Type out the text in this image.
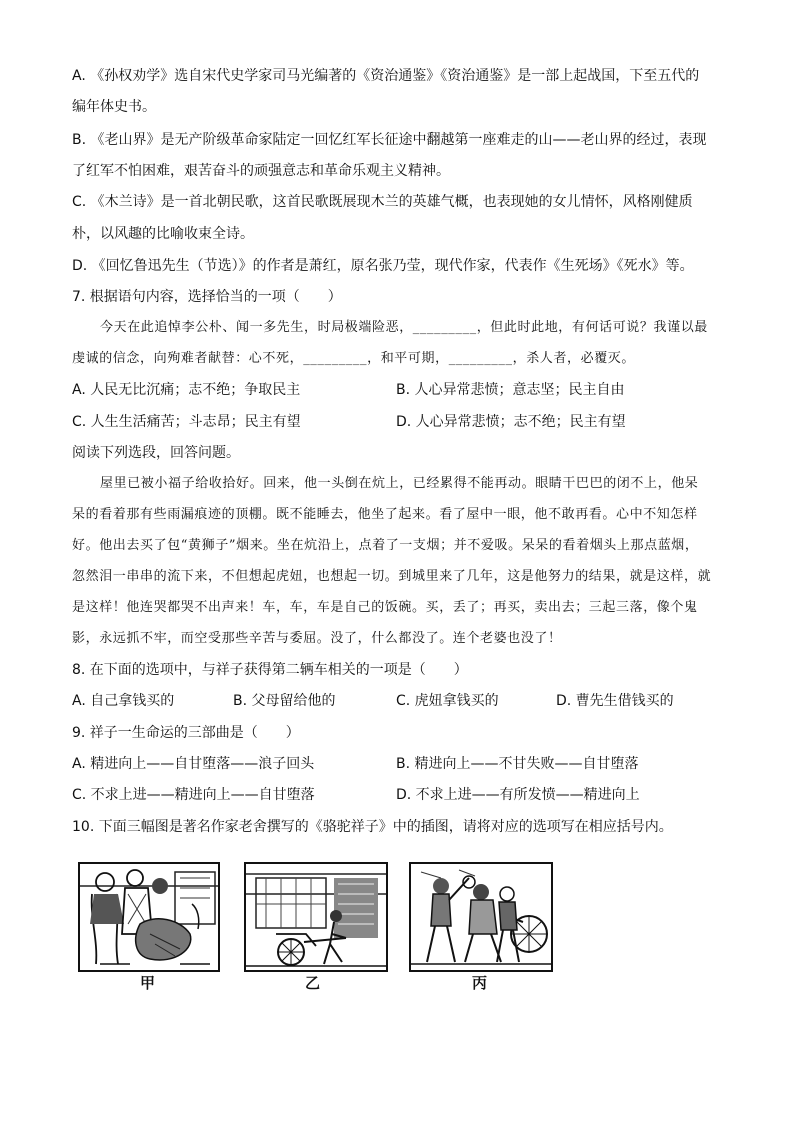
A. 《孙权劝学》选自宋代史学家司马光编著的《资治通鉴》《资治通鉴》是一部上起战国，下至五代的
编年体史书。
B. 《老山界》是无产阶级革命家陆定一回忆红军长征途中翻越第一座难走的山——老山界的经过，表现
了红军不怕困难，艰苦奋斗的顽强意志和革命乐观主义精神。
C. 《木兰诗》是一首北朝民歌，这首民歌既展现木兰的英雄气概，也表现她的女儿情怀，风格刚健质
朴，以风趣的比喻收束全诗。
D. 《回忆鲁迅先生（节选）》的作者是萧红，原名张乃莹，现代作家，代表作《生死场》《死水》等。
7. 根据语句内容，选择恰当的一项（　　）
今天在此追悼李公朴、闻一多先生，时局极端险恶，_________，但此时此地，有何话可说？我谨以最
虔诚的信念，向殉难者献替：心不死，_________，和平可期，_________，杀人者，必覆灭。
A. 人民无比沉痛；志不绝；争取民主	B. 人心异常悲愤；意志坚；民主自由
C. 人生生活痛苦；斗志昂；民主有望	D. 人心异常悲愤；志不绝；民主有望
阅读下列选段，回答问题。
屋里已被小福子给收拾好。回来，他一头倒在炕上，已经累得不能再动。眼睛干巴巴的闭不上，他呆
呆的看着那有些雨漏痕迹的顶棚。既不能睡去，他坐了起来。看了屋中一眼，他不敢再看。心中不知怎样
好。他出去买了包“黄狮子”烟来。坐在炕沿上，点着了一支烟；并不爱吸。呆呆的看着烟头上那点蓝烟，
忽然泪一串串的流下来，不但想起虎妞，也想起一切。到城里来了几年，这是他努力的结果，就是这样，就
是这样！他连哭都哭不出声来！车，车，车是自己的饭碗。买，丢了；再买，卖出去；三起三落，像个鬼
影，永远抓不牢，而空受那些辛苦与委屈。没了，什么都没了。连个老婆也没了！
8. 在下面的选项中，与祥子获得第二辆车相关的一项是（　　）
A. 自己拿钱买的	B. 父母留给他的	C. 虎妞拿钱买的	D. 曹先生借钱买的
9. 祥子一生命运的三部曲是（　　）
A. 精进向上——自甘堕落——浪子回头	B. 精进向上——不甘失败——自甘堕落
C. 不求上进——精进向上——自甘堕落	D. 不求上进——有所发愤——精进向上
10. 下面三幅图是著名作家老舍撰写的《骆驼祥子》中的插图，请将对应的选项写在相应括号内。
甲	乙	丙
